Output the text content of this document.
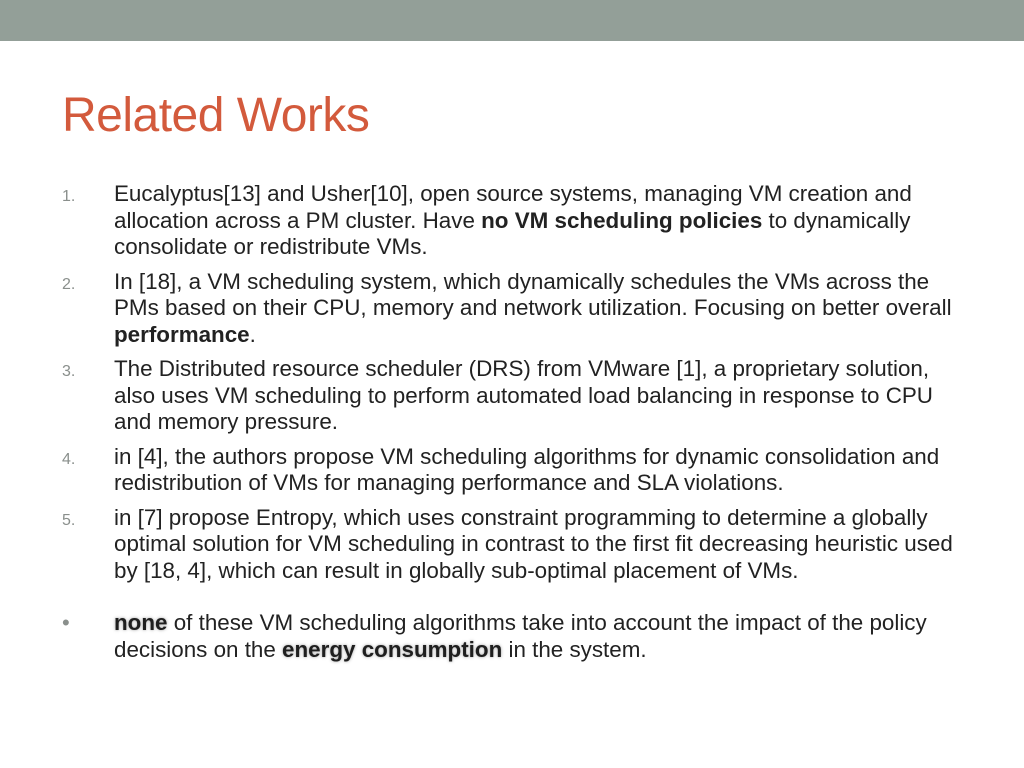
Related Works

1. Eucalyptus[13] and Usher[10], open source systems, managing VM creation and allocation across a PM cluster. Have no VM scheduling policies to dynamically consolidate or redistribute VMs.

2. In [18], a VM scheduling system, which dynamically schedules the VMs across the PMs based on their CPU, memory and network utilization. Focusing on better overall performance.

3. The Distributed resource scheduler (DRS) from VMware [1], a proprietary solution, also uses VM scheduling to perform automated load balancing in response to CPU and memory pressure.

4. in [4], the authors propose VM scheduling algorithms for dynamic consolidation and redistribution of VMs for managing performance and SLA violations.

5. in [7] propose Entropy, which uses constraint programming to determine a globally optimal solution for VM scheduling in contrast to the first fit decreasing heuristic used by [18, 4], which can result in globally sub-optimal placement of VMs.

• none of these VM scheduling algorithms take into account the impact of the policy decisions on the energy consumption in the system.
